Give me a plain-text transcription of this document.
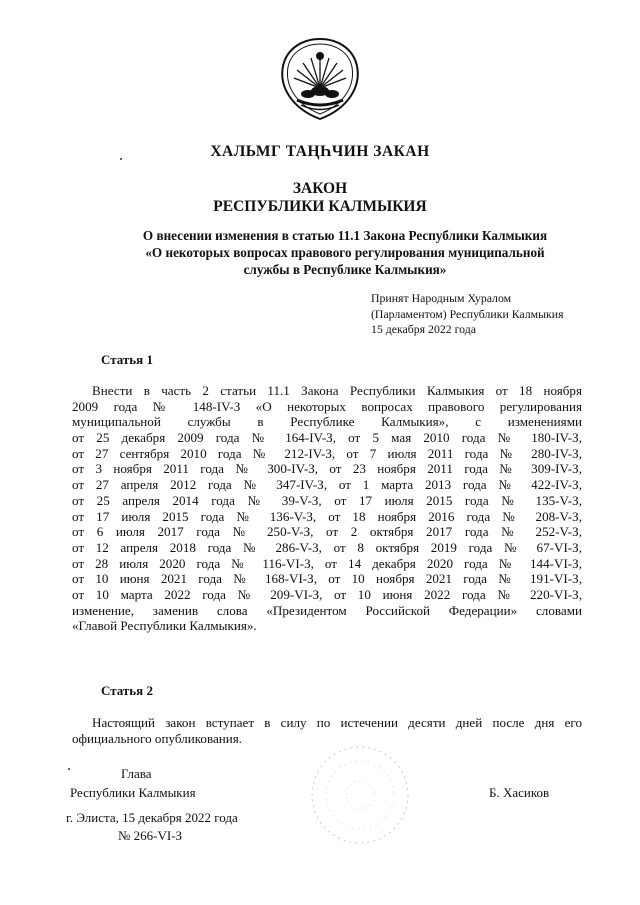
ХАЛЬМГ ТАҢҺЧИН ЗАКАН
ЗАКОН
РЕСПУБЛИКИ КАЛМЫКИЯ
О внесении изменения в статью 11.1 Закона Республики Калмыкия
«О некоторых вопросах правового регулирования муниципальной
службы в Республике Калмыкия»
Принят Народным Хуралом
(Парламентом) Республики Калмыкия
15 декабря 2022 года
Статья 1
Внести в часть 2 статьи 11.1 Закона Республики Калмыкия от 18 ноября
2009 года № 148-IV-З «О некоторых вопросах правового регулирования
муниципальной службы в Республике Калмыкия», с изменениями
от 25 декабря 2009 года № 164-IV-З, от 5 мая 2010 года № 180-IV-З,
от 27 сентября 2010 года № 212-IV-З, от 7 июля 2011 года № 280-IV-З,
от 3 ноября 2011 года № 300-IV-З, от 23 ноября 2011 года № 309-IV-З,
от 27 апреля 2012 года № 347-IV-З, от 1 марта 2013 года № 422-IV-З,
от 25 апреля 2014 года № 39-V-З, от 17 июля 2015 года № 135-V-З,
от 17 июля 2015 года № 136-V-З, от 18 ноября 2016 года № 208-V-З,
от 6 июля 2017 года № 250-V-З, от 2 октября 2017 года № 252-V-З,
от 12 апреля 2018 года № 286-V-З, от 8 октября 2019 года № 67-VI-З,
от 28 июля 2020 года № 116-VI-З, от 14 декабря 2020 года № 144-VI-З,
от 10 июня 2021 года № 168-VI-З, от 10 ноября 2021 года № 191-VI-З,
от 10 марта 2022 года № 209-VI-З, от 10 июня 2022 года № 220-VI-З,
изменение, заменив слова «Президентом Российской Федерации» словами
«Главой Республики Калмыкия».
Статья 2
Настоящий закон вступает в силу по истечении десяти дней после дня его
официального опубликования.
Глава
Республики Калмыкия	Б. Хасиков
г. Элиста, 15 декабря 2022 года
№ 266-VI-З
